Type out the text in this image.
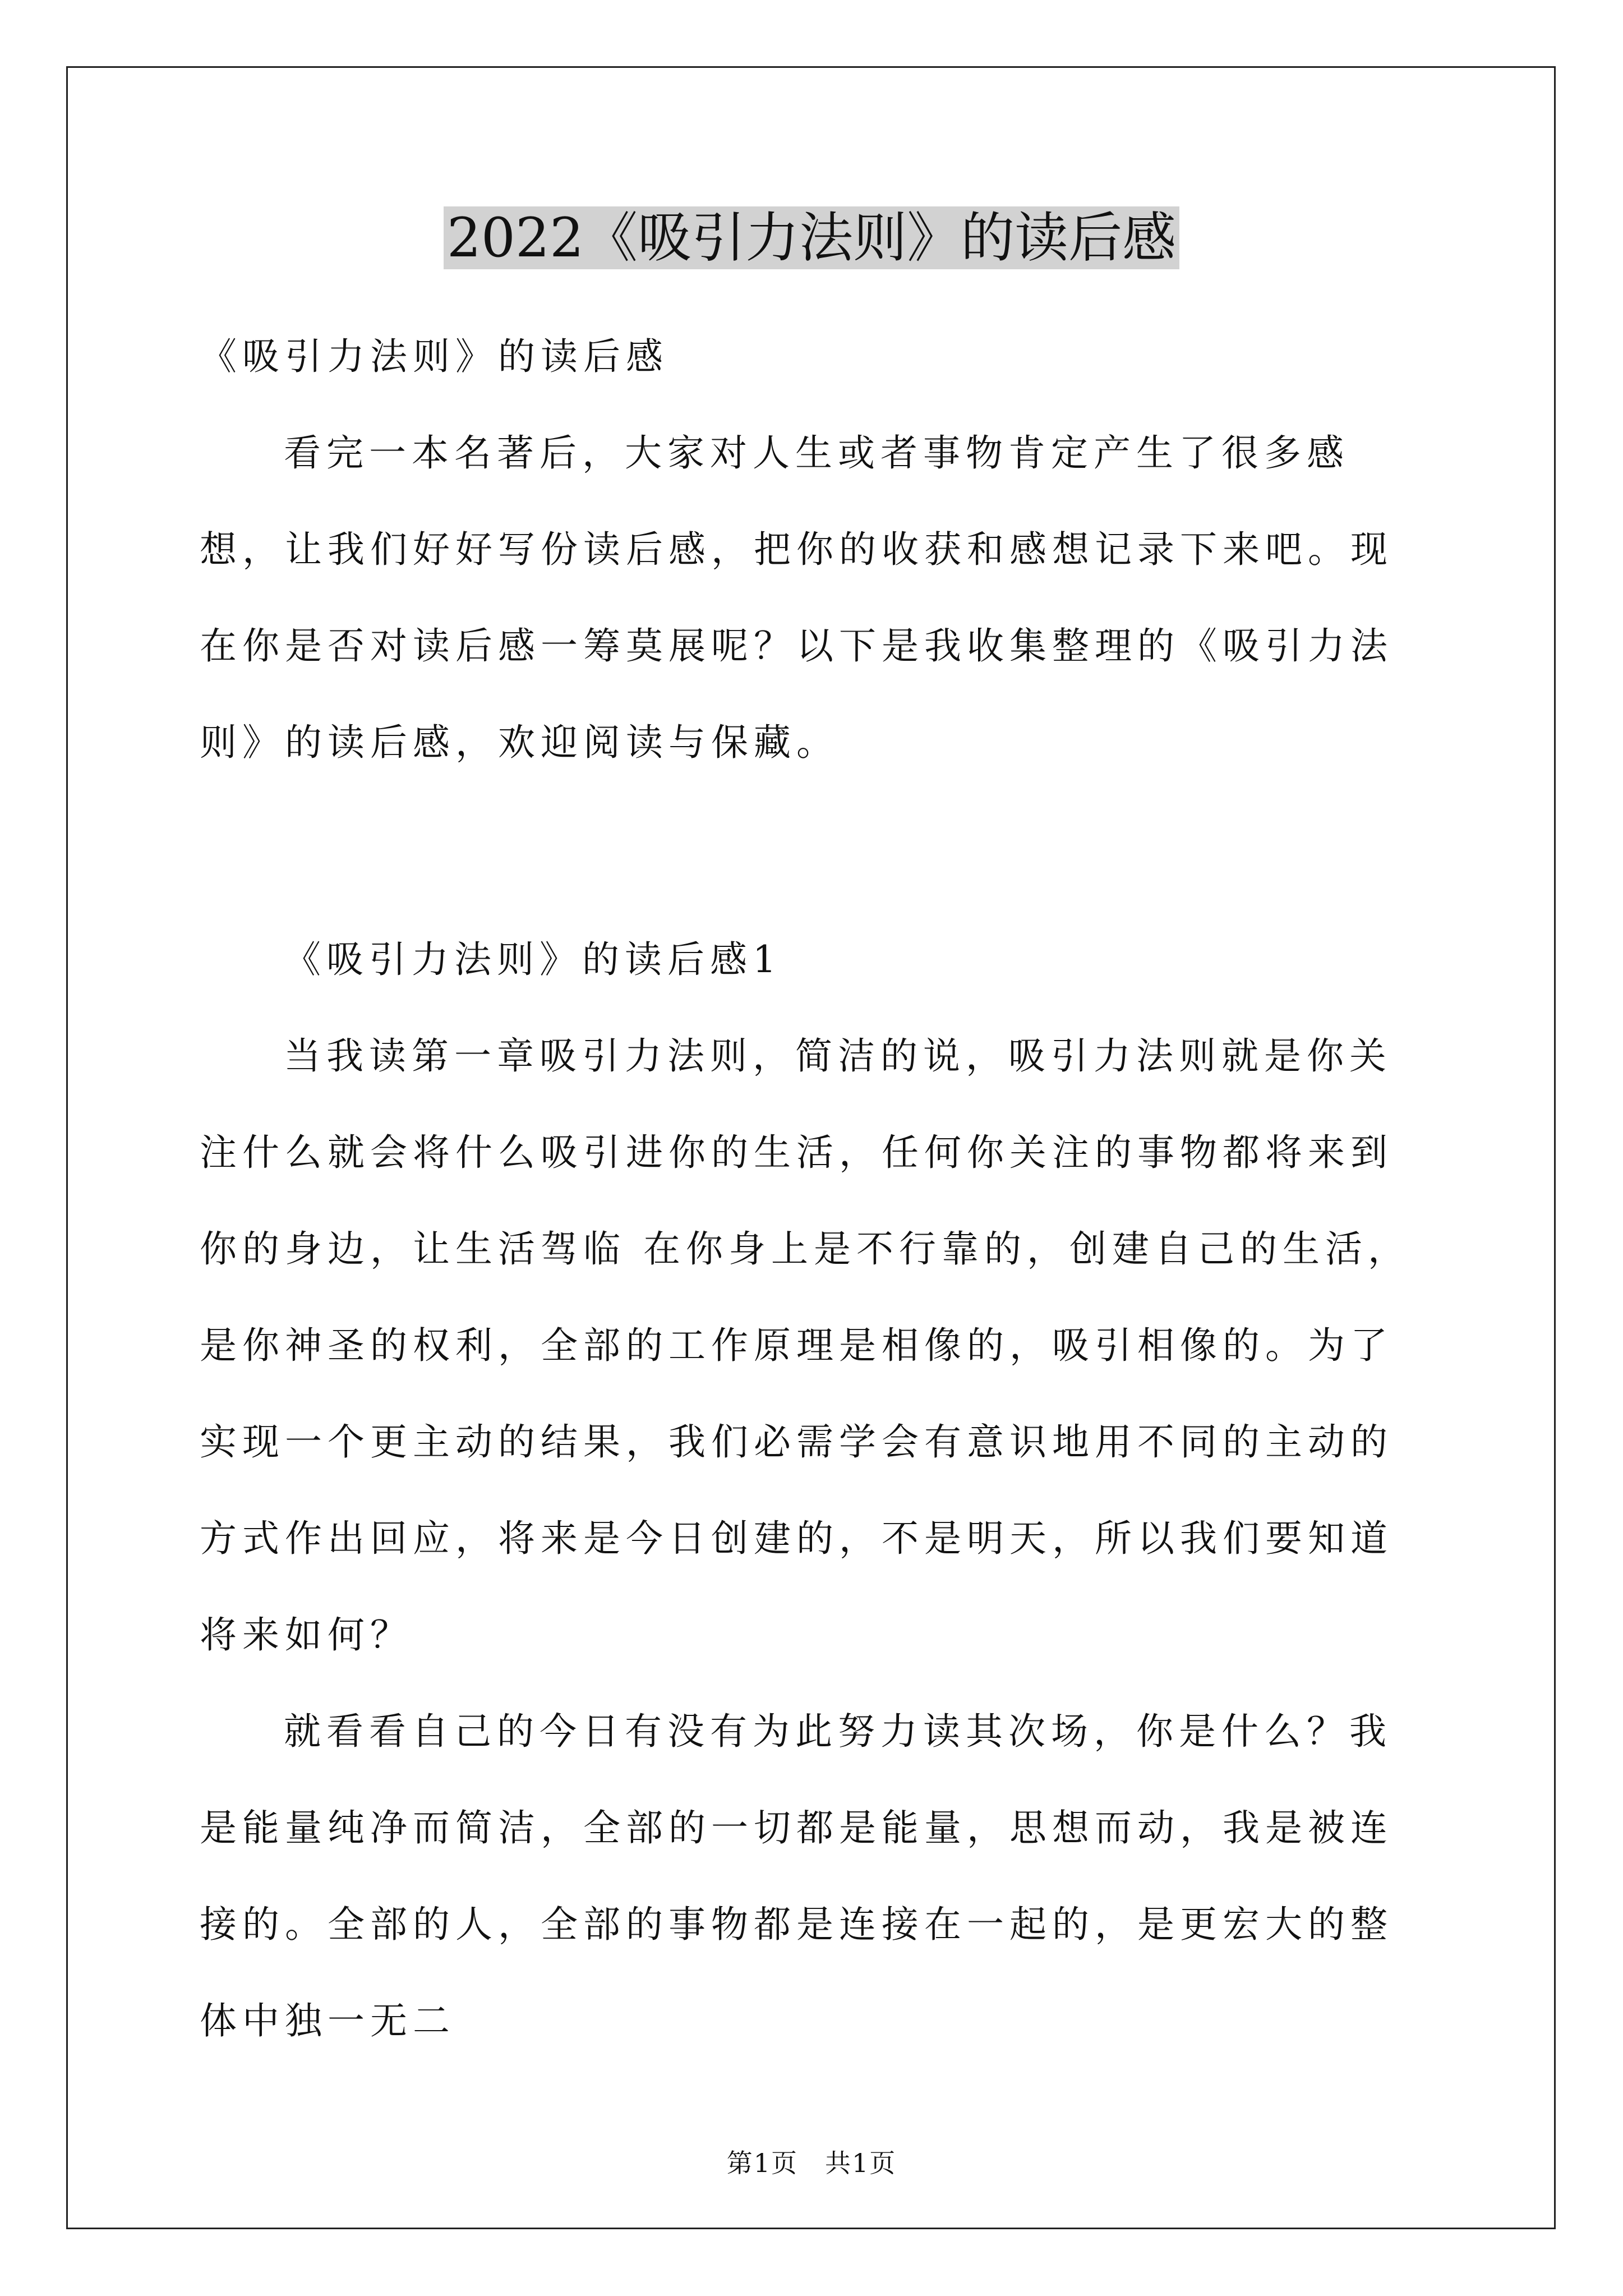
2022《吸引力法则》的读后感

《吸引力法则》的读后感

看完一本名著后，大家对人生或者事物肯定产生了很多感想，让我们好好写份读后感，把你的收获和感想记录下来吧。现在你是否对读后感一筹莫展呢？以下是我收集整理的《吸引力法则》的读后感，欢迎阅读与保藏。

《吸引力法则》的读后感1

当我读第一章吸引力法则，简洁的说，吸引力法则就是你关注什么就会将什么吸引进你的生活，任何你关注的事物都将来到你的身边，让生活驾临 在你身上是不行靠的，创建自己的生活，是你神圣的权利，全部的工作原理是相像的，吸引相像的。为了实现一个更主动的结果，我们必需学会有意识地用不同的主动的方式作出回应，将来是今日创建的，不是明天，所以我们要知道将来如何？

就看看自己的今日有没有为此努力读其次场，你是什么？我是能量纯净而简洁，全部的一切都是能量，思想而动，我是被连接的。全部的人，全部的事物都是连接在一起的，是更宏大的整体中独一无二

第1页　共1页
